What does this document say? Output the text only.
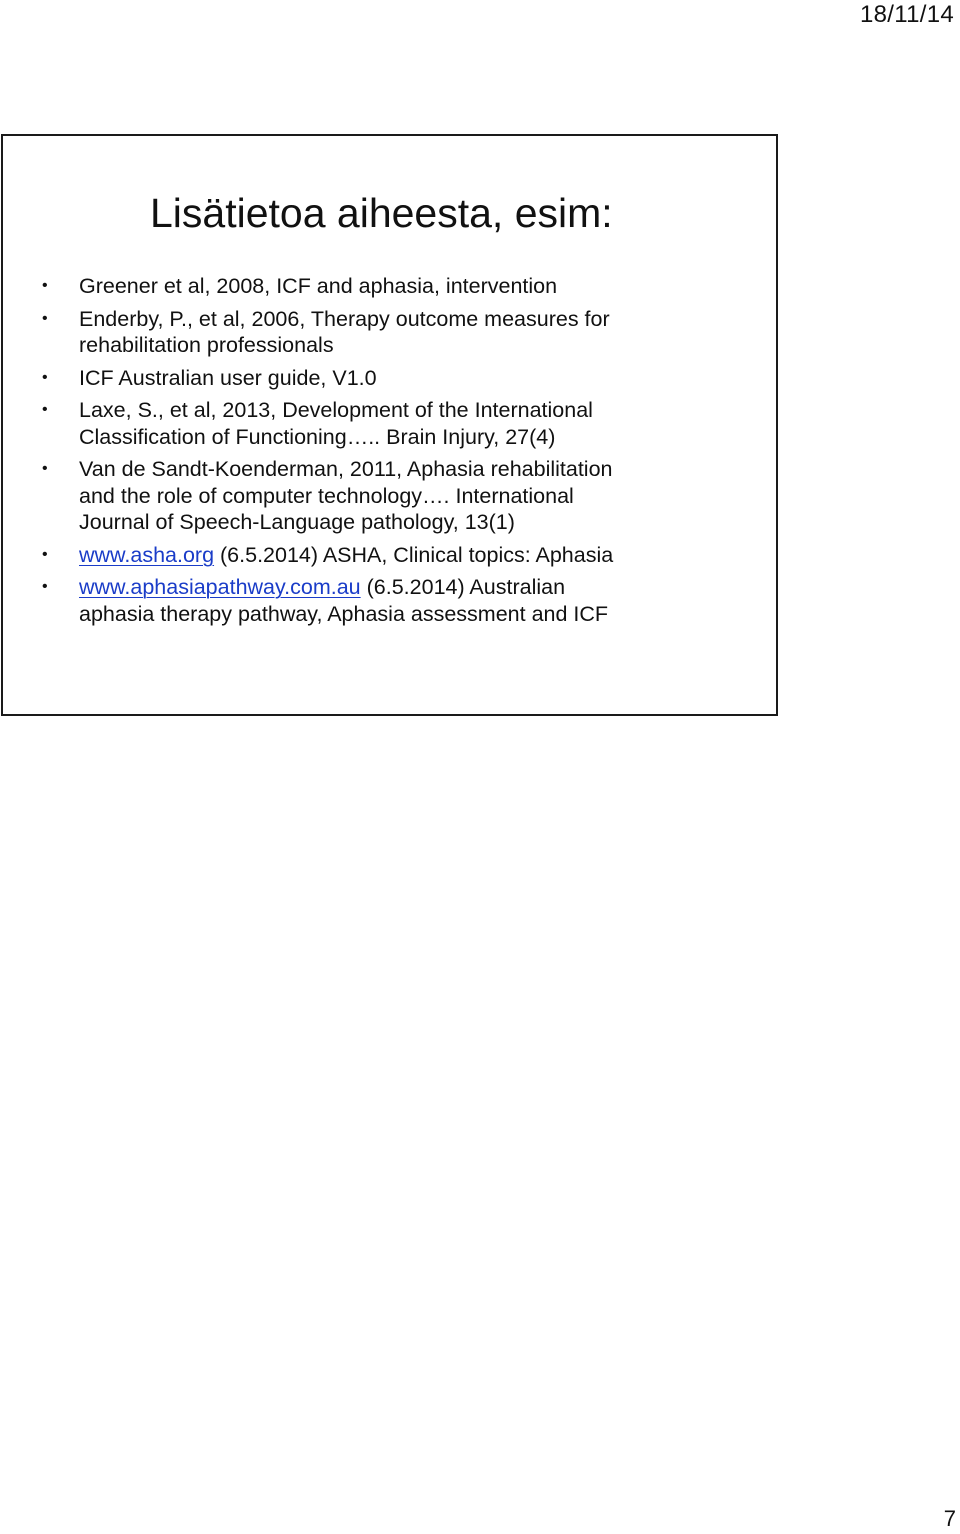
18/11/14
Lisätietoa aiheesta, esim:
• Greener et al, 2008, ICF and aphasia, intervention
• Enderby, P., et al, 2006, Therapy outcome measures for
rehabilitation professionals
• ICF Australian user guide, V1.0
• Laxe, S., et al, 2013, Development of the International
Classification of Functioning….. Brain Injury, 27(4)
• Van de Sandt-Koenderman, 2011, Aphasia rehabilitation
and the role of computer technology…. International
Journal of Speech-Language pathology, 13(1)
• www.asha.org (6.5.2014) ASHA, Clinical topics: Aphasia
• www.aphasiapathway.com.au (6.5.2014) Australian
aphasia therapy pathway, Aphasia assessment and ICF
7
